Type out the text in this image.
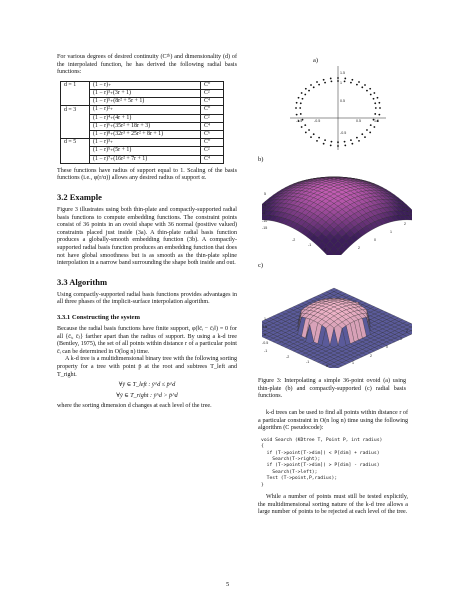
For various degrees of desired continuity (C²ᵏ) and dimensionality (d) of the interpolated function, he has derived the following radial basis functions:

d = 1	(1 − r)₊	C⁰
	(1 − r)³₊(3r + 1)	C²
	(1 − r)⁵₊(8r² + 5r + 1)	C⁴
d = 3	(1 − r)²₊	C⁰
	(1 − r)⁴₊(4r + 1)	C²
	(1 − r)⁶₊(35r² + 18r + 3)	C⁴
	(1 − r)⁸₊(32r³ + 25r² + 8r + 1)	C⁶
d = 5	(1 − r)³₊	C⁰
	(1 − r)⁵₊(5r + 1)	C²
	(1 − r)⁷₊(16r² + 7r + 1)	C⁴

These functions have radius of support equal to 1. Scaling of the basis functions (i.e., φ(r/α)) allows any desired radius of support α.

3.2 Example

Figure 3 illustrates using both thin-plate and compactly-supported radial basis functions to compute embedding functions. The constraint points consist of 36 points in an ovoid shape with 36 normal (positive valued) constraints placed just inside (3a). A thin-plate radial basis function produces a globally-smooth embedding function (3b). A compactly-supported radial basis function produces an embedding function that does not have global smoothness but is as smooth as the thin-plate spline interpolation in a narrow band surrounding the shape both inside and out.

3.3 Algorithm

Using compactly-supported radial basis functions provides advantages in all three phases of the implicit-surface interpolation algorithm.

3.3.1 Constructing the system

Because the radial basis functions have finite support, φ(‖c̄ᵢ − c̄ⱼ‖) = 0 for all {c̄ᵢ, c̄ⱼ} farther apart than the radius of support. By using a k-d tree (Bentley, 1975), the set of all points within distance r of a particular point c̄ᵢ can be determined in O(log n) time.

A k-d tree is a multidimensional binary tree with the following sorting property for a tree with point p̄ at the root and subtrees T_left and T_right.

∀ȳ ∈ T_left : ȳ^d ≤ p̄^d
∀ȳ ∈ T_right : ȳ^d > p̄^d

where the sorting dimension d changes at each level of the tree.

a)
b)
c)
1.5
1
0.5
-0.5
-1.5	-0.5	0.5	1.5
5
0
-5
-10
-15
-2
-1
0
1
2
0
1
2
1
0.5
0
-0.5
-1
-2
-1
0
1
2
0
1
2
Figure 3: Interpolating a simple 36-point ovoid (a) using thin-plate (b) and compactly-supported (c) radial basis functions.

k-d trees can be used to find all points within distance r of a particular constraint in O(n log n) time using the following algorithm (C pseudocode):

void Search (KDtree T, Point P, int radius)
{
if (T->point[T->dim]) < P[dim] + radius)
Search(T->right);
if (T->point[T->dim]) > P[dim] - radius)
Search(T->left);
Test (T->point,P,radius);
}

While a number of points must still be tested explicitly, the multidimensional sorting nature of the k-d tree allows a large number of points to be rejected at each level of the tree.

5
